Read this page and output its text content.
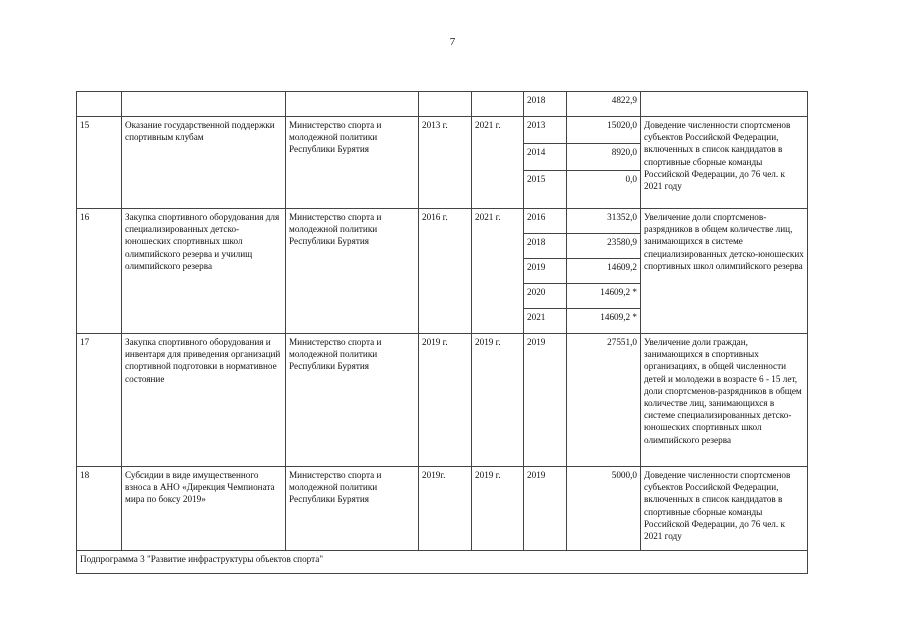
7
					2018	4822,9	
15	Оказание государственной поддержки спортивным клубам	Министерство спорта и молодежной политики Республики Бурятия	2013 г.	2021 г.	2013	15020,0	Доведение численности спортсменов субъектов Российской Федерации, включенных в список кандидатов в спортивные сборные команды Российской Федерации, до 76 чел. к 2021 году
					2014	8920,0	
					2015	0,0	
16	Закупка спортивного оборудования для специализированных детско-юношеских спортивных школ олимпийского резерва и училищ олимпийского резерва	Министерство спорта и молодежной политики Республики Бурятия	2016 г.	2021 г.	2016	31352,0	Увеличение доли спортсменов-разрядников в общем количестве лиц, занимающихся в системе специализированных детско-юношеских спортивных школ олимпийского резерва
					2018	23580,9	
					2019	14609,2	
					2020	14609,2 *	
					2021	14609,2 *	
17	Закупка спортивного оборудования и инвентаря для приведения организаций спортивной подготовки в нормативное состояние	Министерство спорта и молодежной политики Республики Бурятия	2019 г.	2019 г.	2019	27551,0	Увеличение доли граждан, занимающихся в спортивных организациях, в общей численности детей и молодежи в возрасте 6 - 15 лет, доли спортсменов-разрядников в общем количестве лиц, занимающихся в системе специализированных детско-юношеских спортивных школ олимпийского резерва
18	Субсидии в виде имущественного взноса в АНО «Дирекция Чемпионата мира по боксу 2019»	Министерство спорта и молодежной политики Республики Бурятия	2019г.	2019 г.	2019	5000,0	Доведение численности спортсменов субъектов Российской Федерации, включенных в список кандидатов в спортивные сборные команды Российской Федерации, до 76 чел. к 2021 году
Подпрограмма 3 "Развитие инфраструктуры объектов спорта"							
